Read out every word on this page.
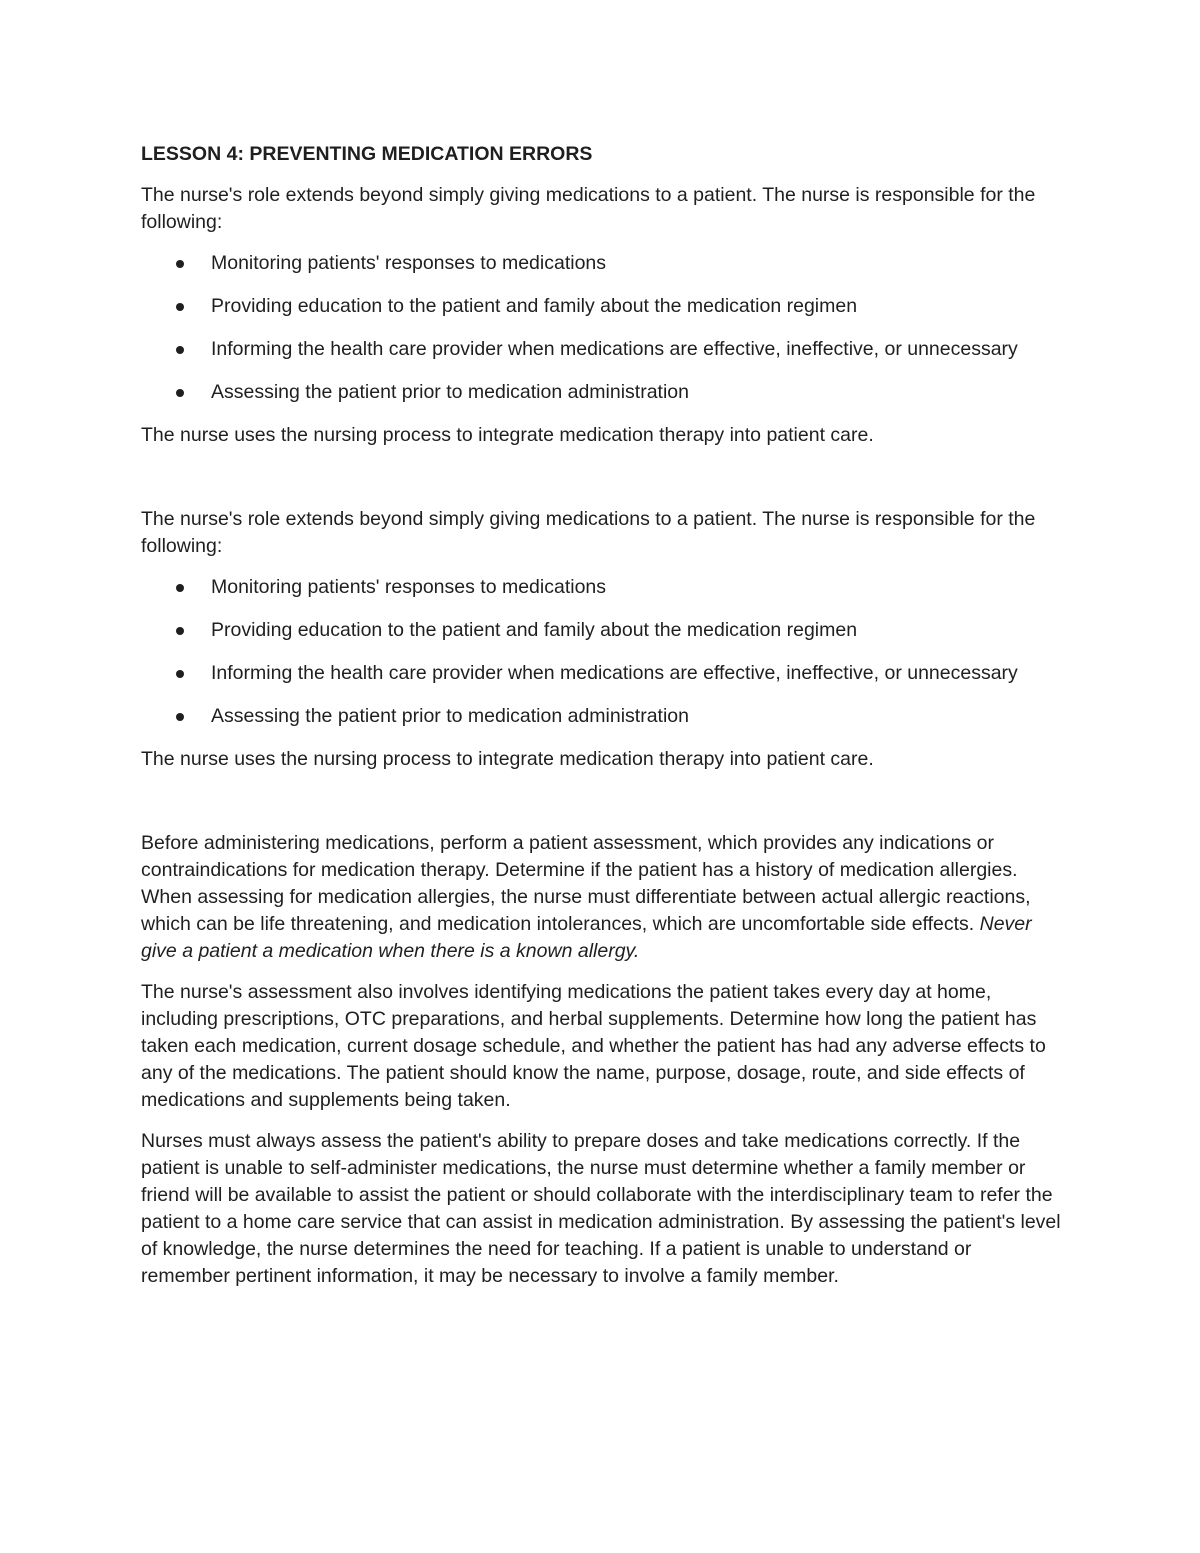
LESSON 4: PREVENTING MEDICATION ERRORS

The nurse's role extends beyond simply giving medications to a patient. The nurse is responsible for the following:

Monitoring patients' responses to medications
Providing education to the patient and family about the medication regimen
Informing the health care provider when medications are effective, ineffective, or unnecessary
Assessing the patient prior to medication administration

The nurse uses the nursing process to integrate medication therapy into patient care.

The nurse's role extends beyond simply giving medications to a patient. The nurse is responsible for the following:

Monitoring patients' responses to medications
Providing education to the patient and family about the medication regimen
Informing the health care provider when medications are effective, ineffective, or unnecessary
Assessing the patient prior to medication administration

The nurse uses the nursing process to integrate medication therapy into patient care.

Before administering medications, perform a patient assessment, which provides any indications or contraindications for medication therapy. Determine if the patient has a history of medication allergies. When assessing for medication allergies, the nurse must differentiate between actual allergic reactions, which can be life threatening, and medication intolerances, which are uncomfortable side effects. Never give a patient a medication when there is a known allergy.

The nurse's assessment also involves identifying medications the patient takes every day at home, including prescriptions, OTC preparations, and herbal supplements. Determine how long the patient has taken each medication, current dosage schedule, and whether the patient has had any adverse effects to any of the medications. The patient should know the name, purpose, dosage, route, and side effects of medications and supplements being taken.

Nurses must always assess the patient's ability to prepare doses and take medications correctly. If the patient is unable to self-administer medications, the nurse must determine whether a family member or friend will be available to assist the patient or should collaborate with the interdisciplinary team to refer the patient to a home care service that can assist in medication administration. By assessing the patient's level of knowledge, the nurse determines the need for teaching. If a patient is unable to understand or remember pertinent information, it may be necessary to involve a family member.
